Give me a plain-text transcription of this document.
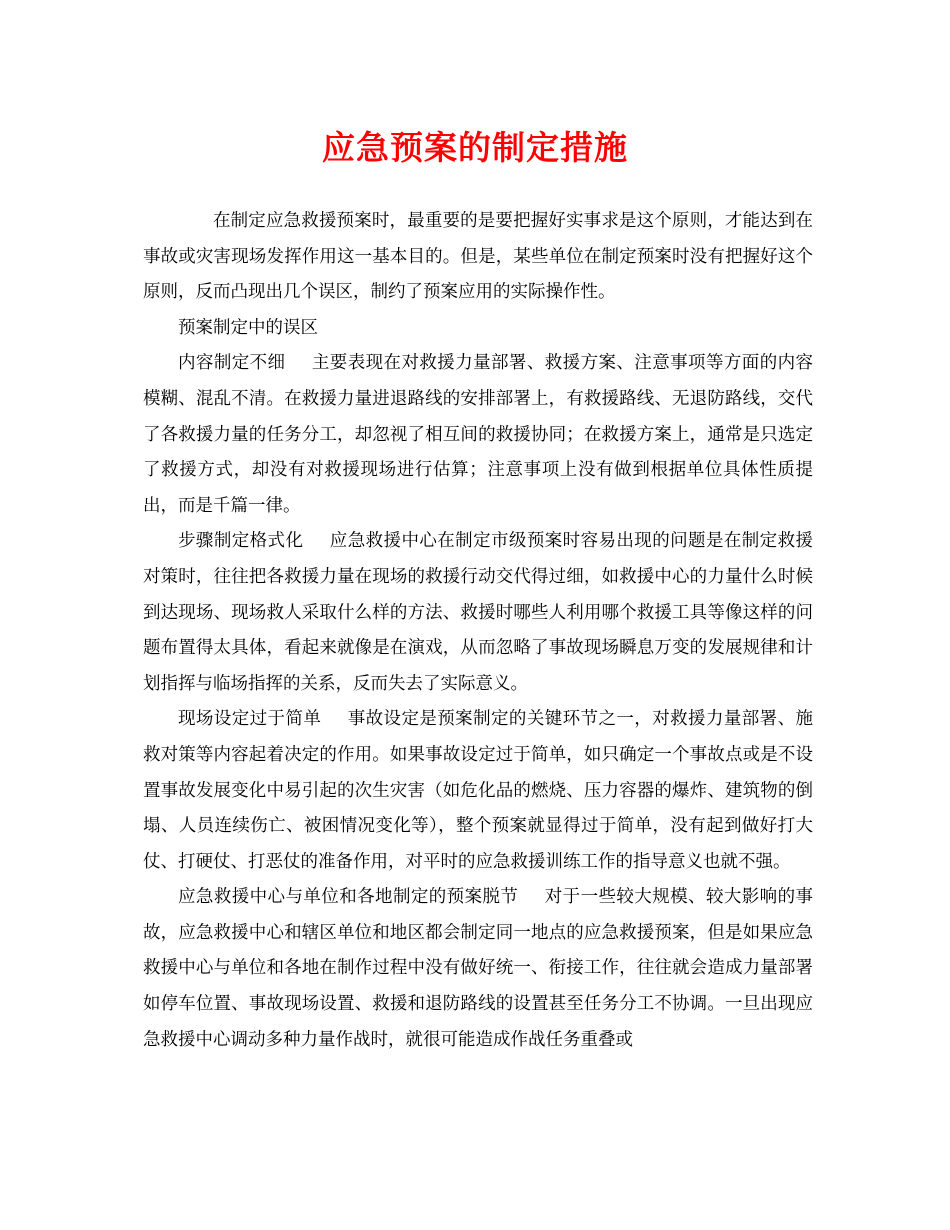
应急预案的制定措施

在制定应急救援预案时，最重要的是要把握好实事求是这个原则，才能达到在事故或灾害现场发挥作用这一基本目的。但是，某些单位在制定预案时没有把握好这个原则，反而凸现出几个误区，制约了预案应用的实际操作性。

预案制定中的误区

内容制定不细 主要表现在对救援力量部署、救援方案、注意事项等方面的内容模糊、混乱不清。在救援力量进退路线的安排部署上，有救援路线、无退防路线，交代了各救援力量的任务分工，却忽视了相互间的救援协同；在救援方案上，通常是只选定了救援方式，却没有对救援现场进行估算；注意事项上没有做到根据单位具体性质提出，而是千篇一律。

步骤制定格式化 应急救援中心在制定市级预案时容易出现的问题是在制定救援对策时，往往把各救援力量在现场的救援行动交代得过细，如救援中心的力量什么时候到达现场、现场救人采取什么样的方法、救援时哪些人利用哪个救援工具等像这样的问题布置得太具体，看起来就像是在演戏，从而忽略了事故现场瞬息万变的发展规律和计划指挥与临场指挥的关系，反而失去了实际意义。

现场设定过于简单 事故设定是预案制定的关键环节之一，对救援力量部署、施救对策等内容起着决定的作用。如果事故设定过于简单，如只确定一个事故点或是不设置事故发展变化中易引起的次生灾害（如危化品的燃烧、压力容器的爆炸、建筑物的倒塌、人员连续伤亡、被困情况变化等），整个预案就显得过于简单，没有起到做好打大仗、打硬仗、打恶仗的准备作用，对平时的应急救援训练工作的指导意义也就不强。

应急救援中心与单位和各地制定的预案脱节 对于一些较大规模、较大影响的事故，应急救援中心和辖区单位和地区都会制定同一地点的应急救援预案，但是如果应急救援中心与单位和各地在制作过程中没有做好统一、衔接工作，往往就会造成力量部署如停车位置、事故现场设置、救援和退防路线的设置甚至任务分工不协调。一旦出现应急救援中心调动多种力量作战时，就很可能造成作战任务重叠或
